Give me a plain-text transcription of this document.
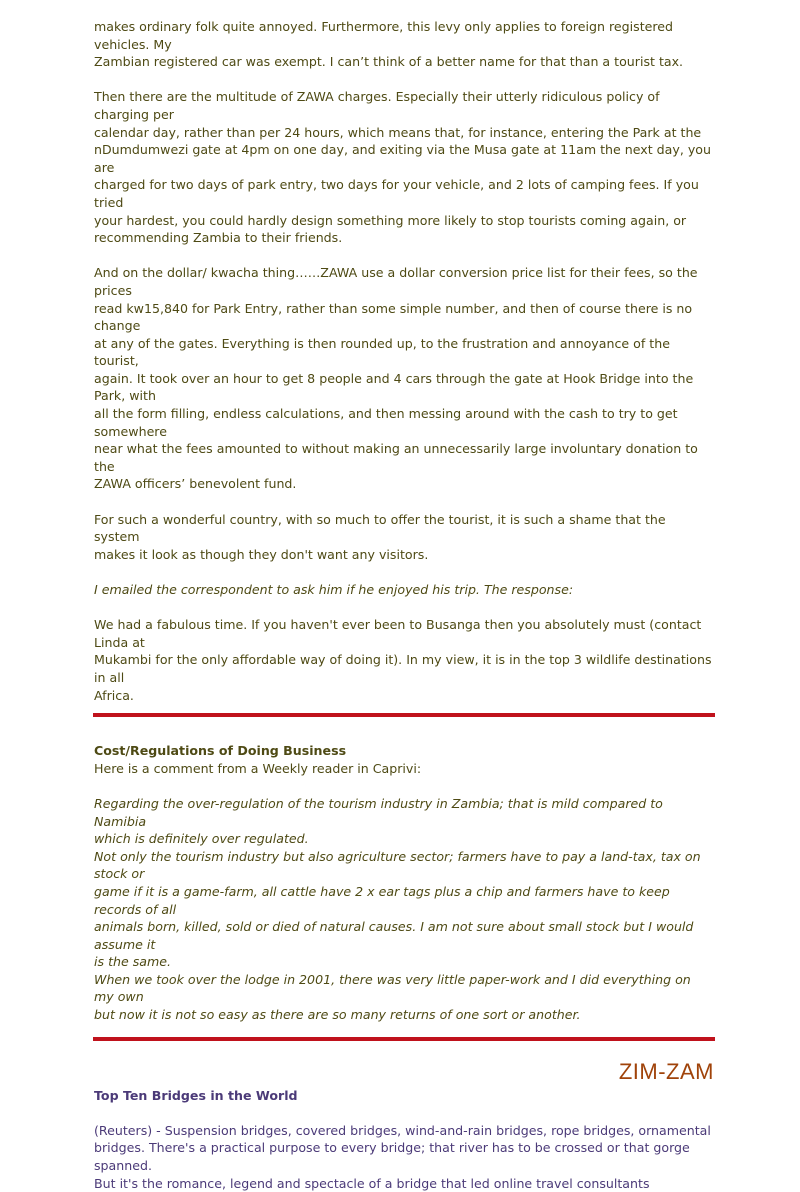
makes ordinary folk quite annoyed. Furthermore, this levy only applies to foreign registered vehicles. My
Zambian registered car was exempt. I can’t think of a better name for that than a tourist tax.

Then there are the multitude of ZAWA charges. Especially their utterly ridiculous policy of charging per
calendar day, rather than per 24 hours, which means that, for instance, entering the Park at the
nDumdumwezi gate at 4pm on one day, and exiting via the Musa gate at 11am the next day, you are
charged for two days of park entry, two days for your vehicle, and 2 lots of camping fees. If you tried
your hardest, you could hardly design something more likely to stop tourists coming again, or
recommending Zambia to their friends.

And on the dollar/ kwacha thing……ZAWA use a dollar conversion price list for their fees, so the prices
read kw15,840 for Park Entry, rather than some simple number, and then of course there is no change
at any of the gates. Everything is then rounded up, to the frustration and annoyance of the tourist,
again. It took over an hour to get 8 people and 4 cars through the gate at Hook Bridge into the Park, with
all the form filling, endless calculations, and then messing around with the cash to try to get somewhere
near what the fees amounted to without making an unnecessarily large involuntary donation to the
ZAWA officers’ benevolent fund.

For such a wonderful country, with so much to offer the tourist, it is such a shame that the system
makes it look as though they don't want any visitors.

I emailed the correspondent to ask him if he enjoyed his trip. The response:

We had a fabulous time. If you haven't ever been to Busanga then you absolutely must (contact Linda at
Mukambi for the only affordable way of doing it). In my view, it is in the top 3 wildlife destinations in all
Africa.

Cost/Regulations of Doing Business

Here is a comment from a Weekly reader in Caprivi:

Regarding the over-regulation of the tourism industry in Zambia; that is mild compared to Namibia
which is definitely over regulated.
Not only the tourism industry but also agriculture sector; farmers have to pay a land-tax, tax on stock or
game if it is a game-farm, all cattle have 2 x ear tags plus a chip and farmers have to keep records of all
animals born, killed, sold or died of natural causes. I am not sure about small stock but I would assume it
is the same.
When we took over the lodge in 2001, there was very little paper-work and I did everything on my own
but now it is not so easy as there are so many returns of one sort or another.

ZIM-ZAM

Top Ten Bridges in the World

(Reuters) - Suspension bridges, covered bridges, wind-and-rain bridges, rope bridges, ornamental
bridges. There's a practical purpose to every bridge; that river has to be crossed or that gorge spanned.
But it's the romance, legend and spectacle of a bridge that led online travel consultants
